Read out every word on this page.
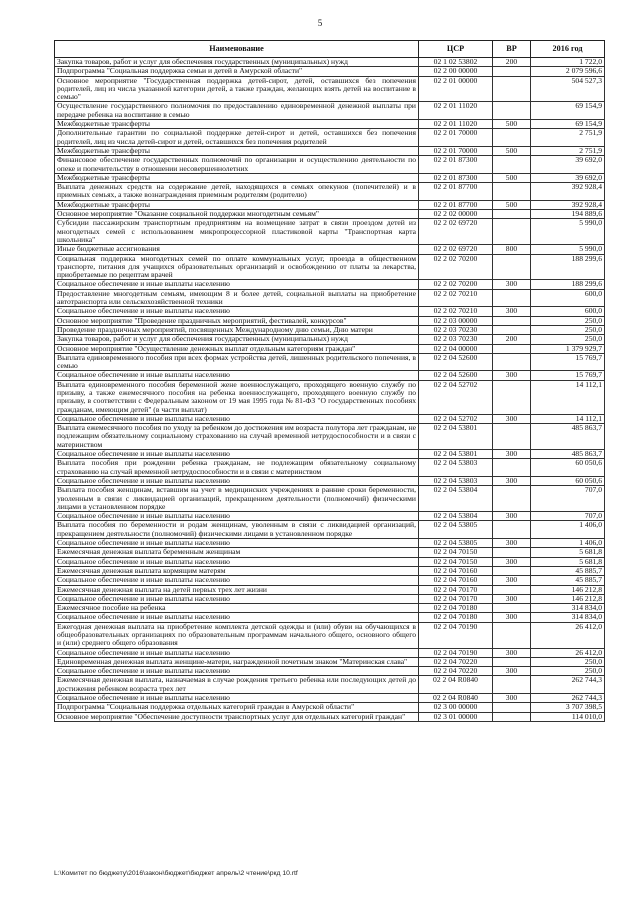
5
Наименование	ЦСР	ВР	2016 год
Закупка товаров, работ и услуг для обеспечения государственных (муниципальных) нужд	02 1 02 53802	200	1 722,0
Подпрограмма "Социальная поддержка семьи и детей в Амурской области"	02 2 00 00000		2 079 596,6
Основное мероприятие "Государственная поддержка детей-сирот, детей, оставшихся без попечения родителей, лиц из числа указанной категории детей, а также граждан, желающих взять детей на воспитание в семью"	02 2 01 00000		504 527,3
Осуществление государственного полномочия по предоставлению единовременной денежной выплаты при передаче ребенка на воспитание в семью	02 2 01 11020		69 154,9
Межбюджетные трансферты	02 2 01 11020	500	69 154,9
Дополнительные гарантии по социальной поддержке детей-сирот и детей, оставшихся без попечения родителей, лиц из числа детей-сирот и детей, оставшихся без попечения родителей	02 2 01 70000		2 751,9
Межбюджетные трансферты	02 2 01 70000	500	2 751,9
Финансовое обеспечение государственных полномочий по организации и осуществлению деятельности по опеке и попечительству в отношении несовершеннолетних	02 2 01 87300		39 692,0
Межбюджетные трансферты	02 2 01 87300	500	39 692,0
Выплата денежных средств на содержание детей, находящихся в семьях опекунов (попечителей) и в приемных семьях, а также вознаграждения приемным родителям (родителю)	02 2 01 87700		392 928,4
Межбюджетные трансферты	02 2 01 87700	500	392 928,4
Основное мероприятие "Оказание социальной поддержки многодетным семьям"	02 2 02 00000		194 889,6
Субсидии пассажирским транспортным предприятиям на возмещение затрат в связи проездом детей из многодетных семей с использованием микропроцессорной пластиковой карты "Транспортная карта школьника"	02 2 02 69720		5 990,0
Иные бюджетные ассигнования	02 2 02 69720	800	5 990,0
Социальная поддержка многодетных семей по оплате коммунальных услуг, проезда в общественном транспорте, питания для учащихся образовательных организаций и освобождению от платы за лекарства, приобретаемые по рецептам врачей	02 2 02 70200		188 299,6
Социальное обеспечение и иные выплаты населению	02 2 02 70200	300	188 299,6
Предоставление многодетным семьям, имеющим 8 и более детей, социальной выплаты на приобретение автотранспорта или сельскохозяйственной техники	02 2 02 70210		600,0
Социальное обеспечение и иные выплаты населению	02 2 02 70210	300	600,0
Основное мероприятие "Проведение праздничных мероприятий, фестивалей, конкурсов"	02 2 03 00000		250,0
Проведение праздничных мероприятий, посвященных Международному дню семьи, Дню матери	02 2 03 70230		250,0
Закупка товаров, работ и услуг для обеспечения государственных (муниципальных) нужд	02 2 03 70230	200	250,0
Основное мероприятие "Осуществление денежных выплат отдельным категориям граждан"	02 2 04 00000		1 379 929,7
Выплата единовременного пособия при всех формах устройства детей, лишенных родительского попечения, в семью	02 2 04 52600		15 769,7
Социальное обеспечение и иные выплаты населению	02 2 04 52600	300	15 769,7
Выплата единовременного пособия беременной жене военнослужащего, проходящего военную службу по призыву, а также ежемесячного пособия на ребенка военнослужащего, проходящего военную службу по призыву, в соответствии с Федеральным законом от 19 мая 1995 года № 81-ФЗ "О государственных пособиях гражданам, имеющим детей" (в части выплат)	02 2 04 52702		14 112,1
Социальное обеспечение и иные выплаты населению	02 2 04 52702	300	14 112,1
Выплата ежемесячного пособия по уходу за ребенком до достижения им возраста полутора лет гражданам, не подлежащим обязательному социальному страхованию на случай временной нетрудоспособности и в связи с материнством	02 2 04 53801		485 863,7
Социальное обеспечение и иные выплаты населению	02 2 04 53801	300	485 863,7
Выплата пособия при рождении ребенка гражданам, не подлежащим обязательному социальному страхованию на случай временной нетрудоспособности и в связи с материнством	02 2 04 53803		60 050,6
Социальное обеспечение и иные выплаты населению	02 2 04 53803	300	60 050,6
Выплата пособия женщинам, вставшим на учет в медицинских учреждениях в ранние сроки беременности, уволенным в связи с ликвидацией организаций, прекращением деятельности (полномочий) физическими лицами в установленном порядке	02 2 04 53804		707,0
Социальное обеспечение и иные выплаты населению	02 2 04 53804	300	707,0
Выплата пособия по беременности и родам женщинам, уволенным в связи с ликвидацией организаций, прекращением деятельности (полномочий) физическими лицами в установленном порядке	02 2 04 53805		1 406,0
Социальное обеспечение и иные выплаты населению	02 2 04 53805	300	1 406,0
Ежемесячная денежная выплата беременным женщинам	02 2 04 70150		5 681,8
Социальное обеспечение и иные выплаты населению	02 2 04 70150	300	5 681,8
Ежемесячная денежная выплата кормящим матерям	02 2 04 70160		45 885,7
Социальное обеспечение и иные выплаты населению	02 2 04 70160	300	45 885,7
Ежемесячная денежная выплата на детей первых трех лет жизни	02 2 04 70170		146 212,8
Социальное обеспечение и иные выплаты населению	02 2 04 70170	300	146 212,8
Ежемесячное пособие на ребенка	02 2 04 70180		314 834,0
Социальное обеспечение и иные выплаты населению	02 2 04 70180	300	314 834,0
Ежегодная денежная выплата на приобретение комплекта детской одежды и (или) обуви на обучающихся в общеобразовательных организациях по образовательным программам начального общего, основного общего и (или) среднего общего образования	02 2 04 70190		26 412,0
Социальное обеспечение и иные выплаты населению	02 2 04 70190	300	26 412,0
Единовременная денежная выплата женщине-матери, награжденной почетным знаком "Материнская слава"	02 2 04 70220		250,0
Социальное обеспечение и иные выплаты населению	02 2 04 70220	300	250,0
Ежемесячная денежная выплата, назначаемая в случае рождения третьего ребенка или последующих детей до достижения ребенком возраста трех лет	02 2 04 R0840		262 744,3
Социальное обеспечение и иные выплаты населению	02 2 04 R0840	300	262 744,3
Подпрограмма "Социальная поддержка отдельных категорий граждан в Амурской области"	02 3 00 00000		3 707 398,5
Основное мероприятие "Обеспечение доступности транспортных услуг для отдельных категорий граждан"	02 3 01 00000		114 010,0
L:\Комитет по бюджету\2016\закон\бюджет\бюджет апрель\2 чтение\ркд 10.rtf
